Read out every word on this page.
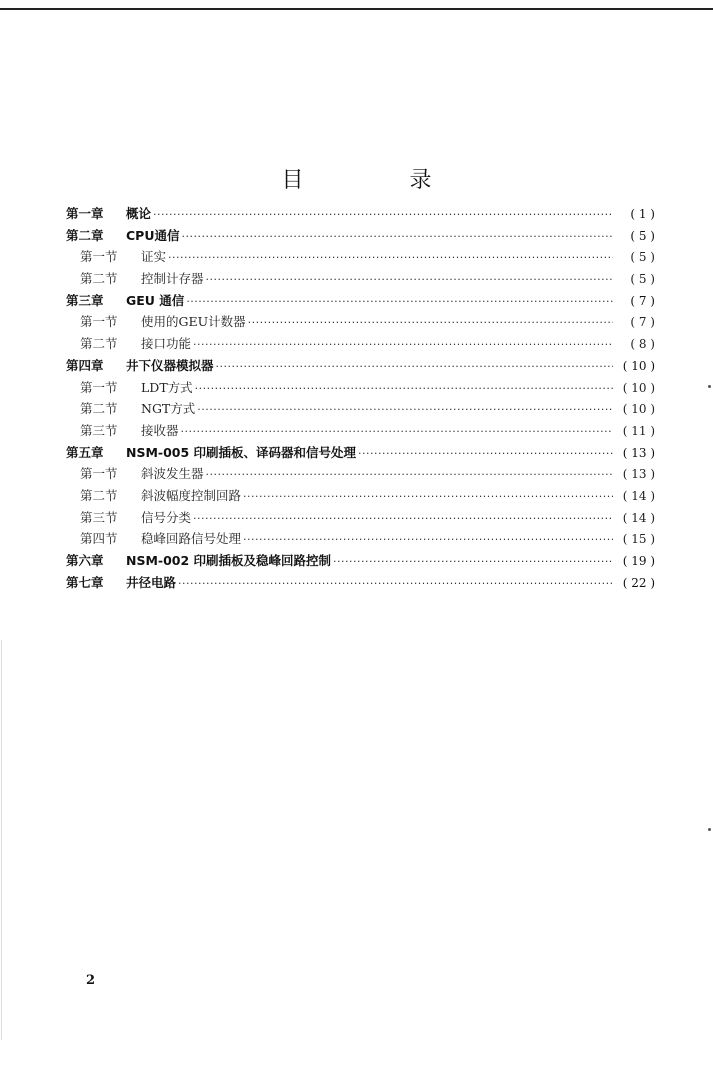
目　录
第一章	概论 ·····	( 1 )
第二章	CPU通信 ·····	( 5 )
第一节	证实 ·····	( 5 )
第二节	控制计存器 ·····	( 5 )
第三章	GEU 通信 ·····	( 7 )
第一节	使用的GEU计数器 ·····	( 7 )
第二节	接口功能 ·····	( 8 )
第四章	井下仪器模拟器 ·····	( 10 )
第一节	LDT方式 ·····	( 10 )
第二节	NGT方式 ·····	( 10 )
第三节	接收器 ·····	( 11 )
第五章	NSM-005 印刷插板、译码器和信号处理 ·····	( 13 )
第一节	斜波发生器 ·····	( 13 )
第二节	斜波幅度控制回路 ·····	( 14 )
第三节	信号分类 ·····	( 14 )
第四节	稳峰回路信号处理 ·····	( 15 )
第六章	NSM-002 印刷插板及稳峰回路控制 ·····	( 19 )
第七章	井径电路 ·····	( 22 )
2
